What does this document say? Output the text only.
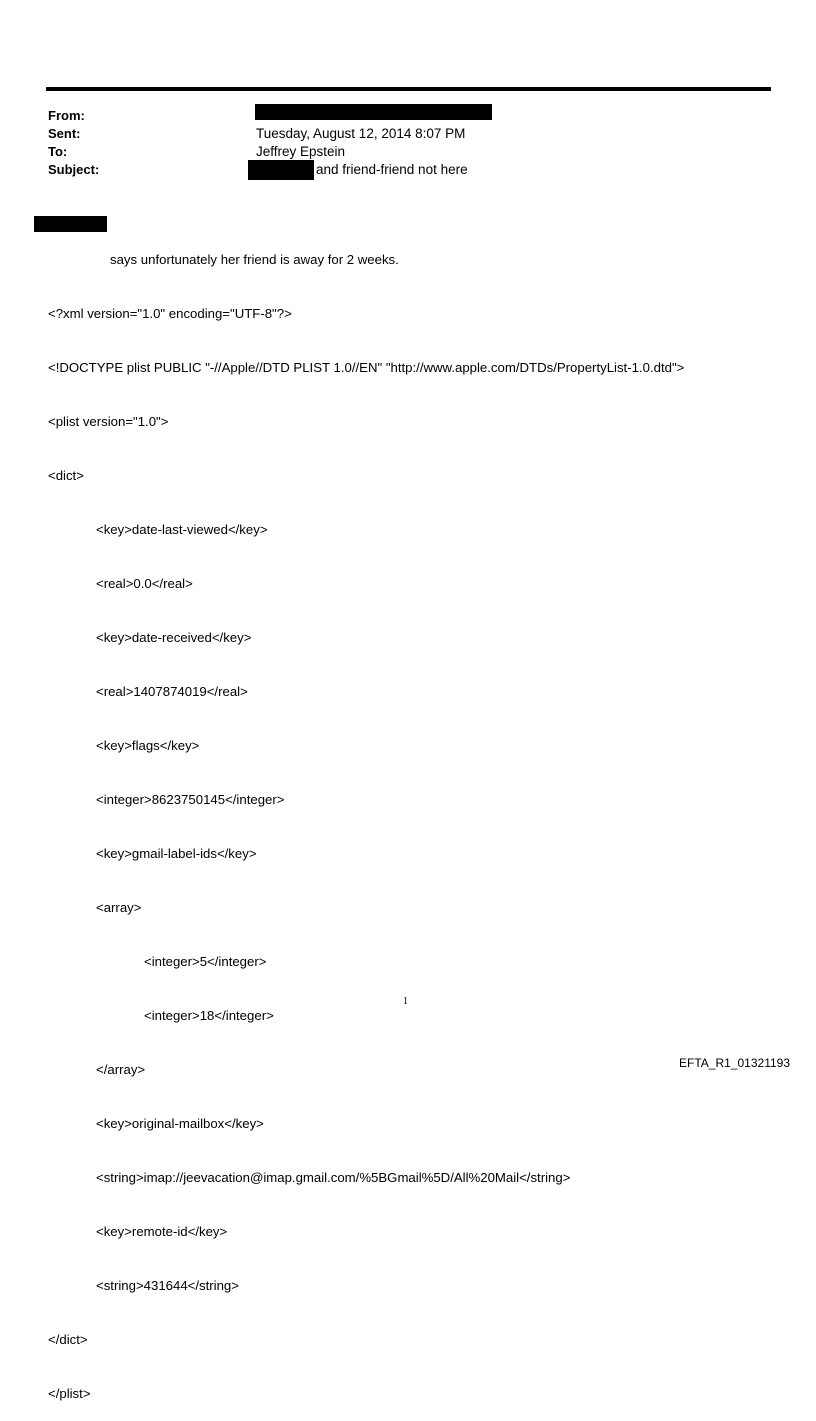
From:
Sent:	Tuesday, August 12, 2014 8:07 PM
To:	Jeffrey Epstein
Subject:	and friend-friend not here

says unfortunately her friend is away for 2 weeks.

<?xml version="1.0" encoding="UTF-8"?>

<!DOCTYPE plist PUBLIC "-//Apple//DTD PLIST 1.0//EN" "http://www.apple.com/DTDs/PropertyList-1.0.dtd">

<plist version="1.0">

<dict>

<key>date-last-viewed</key>

<real>0.0</real>

<key>date-received</key>

<real>1407874019</real>

<key>flags</key>

<integer>8623750145</integer>

<key>gmail-label-ids</key>

<array>

<integer>5</integer>

<integer>18</integer>

</array>

<key>original-mailbox</key>

<string>imap://jeevacation@imap.gmail.com/%5BGmail%5D/All%20Mail</string>

<key>remote-id</key>

<string>431644</string>

</dict>

</plist>

1
EFTA_R1_01321193
